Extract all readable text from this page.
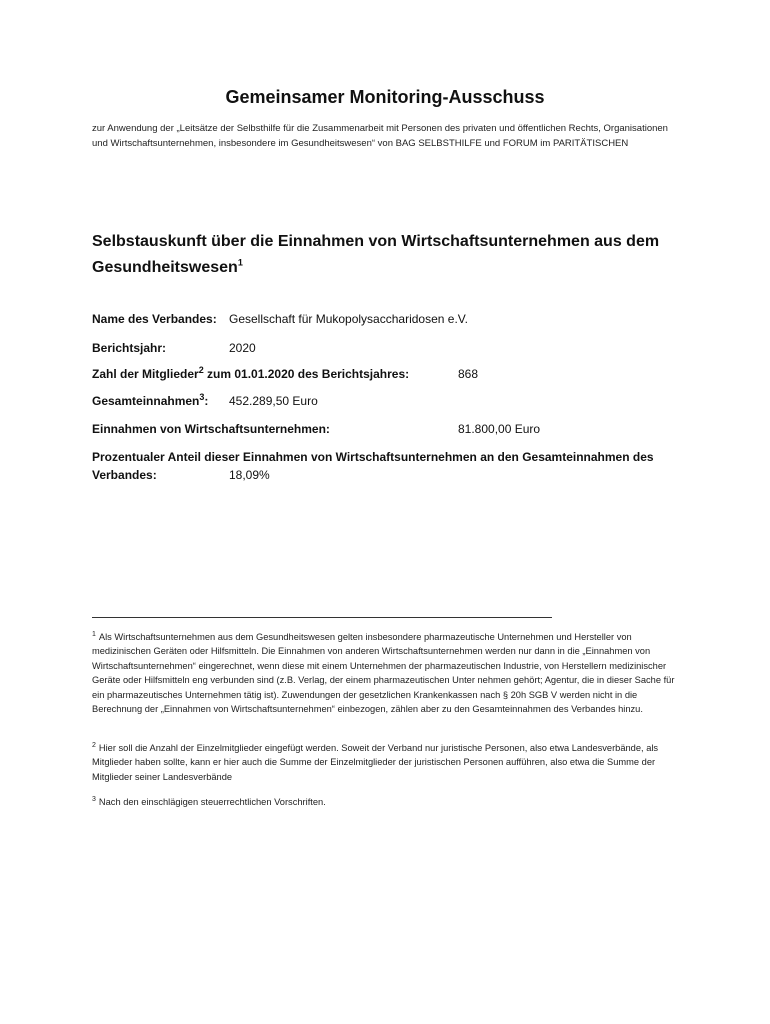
Gemeinsamer Monitoring-Ausschuss
zur Anwendung der „Leitsätze der Selbsthilfe für die Zusammenarbeit mit Personen des privaten und öffentlichen Rechts, Organisationen und Wirtschaftsunternehmen, insbesondere im Gesundheitswesen“ von BAG SELBSTHILFE und FORUM im PARITÄTISCHEN
Selbstauskunft über die Einnahmen von Wirtschaftsunternehmen aus dem Gesundheitswesen$^1$
Name des Verbandes: Gesellschaft für Mukopolysaccharidosen e.V.
Berichtsjahr:	2020
Zahl der Mitglieder$^2$ zum 01.01.2020 des Berichtsjahres:	868
Gesamteinnahmen$^3$: 452.289,50 Euro
Einnahmen von Wirtschaftsunternehmen:	81.800,00 Euro
Prozentualer Anteil dieser Einnahmen von Wirtschaftsunternehmen an den Gesamteinnahmen des
Verbandes:	18,09%
$^1$ Als Wirtschaftsunternehmen aus dem Gesundheitswesen gelten insbesondere pharmazeutische Unternehmen und Hersteller von medizinischen Geräten oder Hilfsmitteln. Die Einnahmen von anderen Wirtschaftsunternehmen werden nur dann in die „Einnahmen von Wirtschaftsunternehmen“ eingerechnet, wenn diese mit einem Unternehmen der pharmazeutischen Industrie, von Herstellern medizinischer Geräte oder Hilfsmitteln eng verbunden sind (z.B. Verlag, der einem pharmazeutischen Unter nehmen gehört; Agentur, die in dieser Sache für ein pharmazeutisches Unternehmen tätig ist). Zuwendungen der gesetzlichen Krankenkassen nach § 20h SGB V werden nicht in die Berechnung der „Einnahmen von Wirtschaftsunternehmen“ einbezogen, zählen aber zu den Gesamteinnahmen des Verbandes hinzu.
$^2$ Hier soll die Anzahl der Einzelmitglieder eingefügt werden. Soweit der Verband nur juristische Personen, also etwa Landesverbände, als Mitglieder haben sollte, kann er hier auch die Summe der Einzelmitglieder der juristischen Personen aufführen, also etwa die Summe der Mitglieder seiner Landesverbände
$^3$ Nach den einschlägigen steuerrechtlichen Vorschriften.
